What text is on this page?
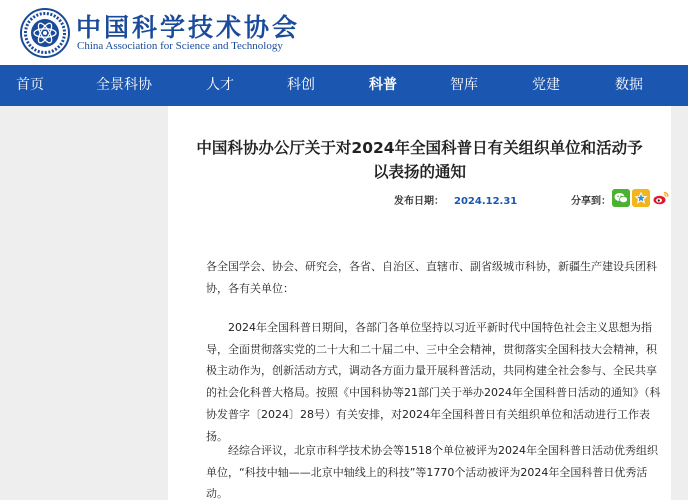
中国科学技术协会
China Association for Science and Technology
首页	全景科协	人才	科创	科普	智库	党建	数据
中国科协办公厅关于对2024年全国科普日有关组织单位和活动予以表扬的通知
发布日期： 2024.12.31	分享到：

各全国学会、协会、研究会，各省、自治区、直辖市、副省级城市科协，新疆生产建设兵团科协，各有关单位：

2024年全国科普日期间，各部门各单位坚持以习近平新时代中国特色社会主义思想为指导，全面贯彻落实党的二十大和二十届二中、三中全会精神，贯彻落实全国科技大会精神，积极主动作为，创新活动方式，调动各方面力量开展科普活动，共同构建全社会参与、全民共享的社会化科普大格局。按照《中国科协等21部门关于举办2024年全国科普日活动的通知》（科协发普字〔2024〕28号）有关安排，对2024年全国科普日有关组织单位和活动进行工作表扬。

经综合评议，北京市科学技术协会等1518个单位被评为2024年全国科普日活动优秀组织单位，“科技中轴——北京中轴线上的科技”等1770个活动被评为2024年全国科普日优秀活动。
